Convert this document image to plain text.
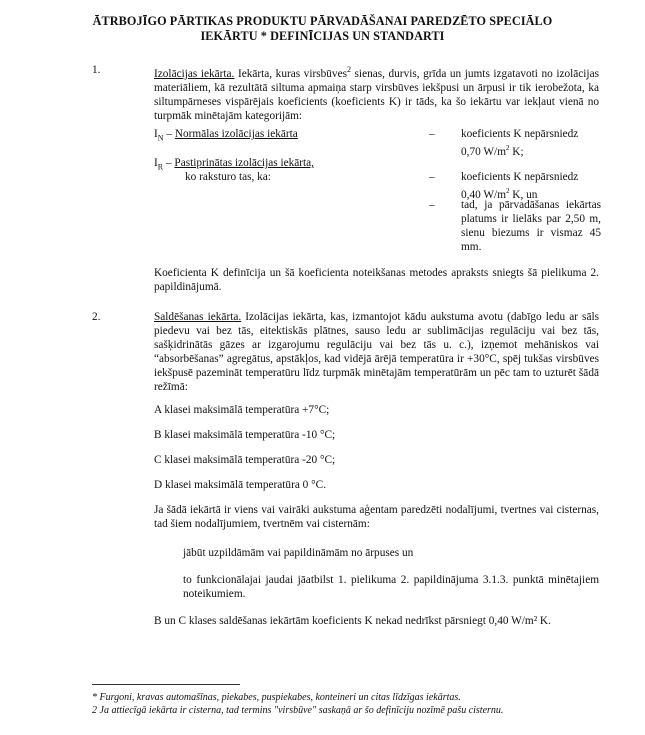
ĀTRBOJĪGO PĀRTIKAS PRODUKTU PĀRVADĀŠANAI PAREDZĒTO SPECIĀLO
IEKĀRTU * DEFINĪCIJAS UN STANDARTI
1.	Izolācijas iekārta. Iekārta, kuras virsbūves$^2$ sienas, durvis, grīda un jumts izgatavoti no izolācijas materiāliem, kā rezultātā siltuma apmaiņa starp virsbūves iekšpusi un ārpusi ir tik ierobežota, ka siltumpārneses vispārējais koeficients (koeficients K) ir tāds, ka šo iekārtu var iekļaut vienā no turpmāk minētajām kategorijām:
$I_N$ – Normālas izolācijas iekārta	– koeficients K nepārsniedz
0,70 $W/m^2$ K;
$I_R$ – Pastiprinātas izolācijas iekārta,
ko raksturo tas, ka:	– koeficients K nepārsniedz
0,40 $W/m^2$ K, un
– tad, ja pārvadāšanas iekārtas platums ir lielāks par 2,50 m, sienu biezums ir vismaz 45 mm.
Koeficienta K definīcija un šā koeficienta noteikšanas metodes apraksts sniegts šā pielikuma 2. papildinājumā.
2.	Saldēšanas iekārta. Izolācijas iekārta, kas, izmantojot kādu aukstuma avotu (dabīgo ledu ar sāls piedevu vai bez tās, eitektiskās plātnes, sauso ledu ar sublimācijas regulāciju vai bez tās, sašķidrinātās gāzes ar izgarojumu regulāciju vai bez tās u. c.), izņemot mehāniskos vai “absorbēšanas” agregātus, apstākļos, kad vidējā ārējā temperatūra ir +30°C, spēj tukšas virsbūves iekšpusē pazemināt temperatūru līdz turpmāk minētajām temperatūrām un pēc tam to uzturēt šādā režīmā:
A klasei maksimālā temperatūra +7°C;
B klasei maksimālā temperatūra -10 °C;
C klasei maksimālā temperatūra -20 °C;
D klasei maksimālā temperatūra 0 °C.
Ja šādā iekārtā ir viens vai vairāki aukstuma aģentam paredzēti nodalījumi, tvertnes vai cisternas, tad šiem nodalījumiem, tvertnēm vai cisternām:
jābūt uzpildāmām vai papildināmām no ārpuses un
to funkcionālajai jaudai jāatbilst 1. pielikuma 2. papildinājuma 3.1.3. punktā minētajiem noteikumiem.
B un C klases saldēšanas iekārtām koeficients K nekad nedrīkst pārsniegt 0,40 W/m² K.
* Furgoni, kravas automašīnas, piekabes, puspiekabes, konteineri un citas līdzīgas iekārtas.
2 Ja attiecīgā iekārta ir cisterna, tad termins "virsbūve" saskaņā ar šo definīciju nozīmē pašu cisternu.
